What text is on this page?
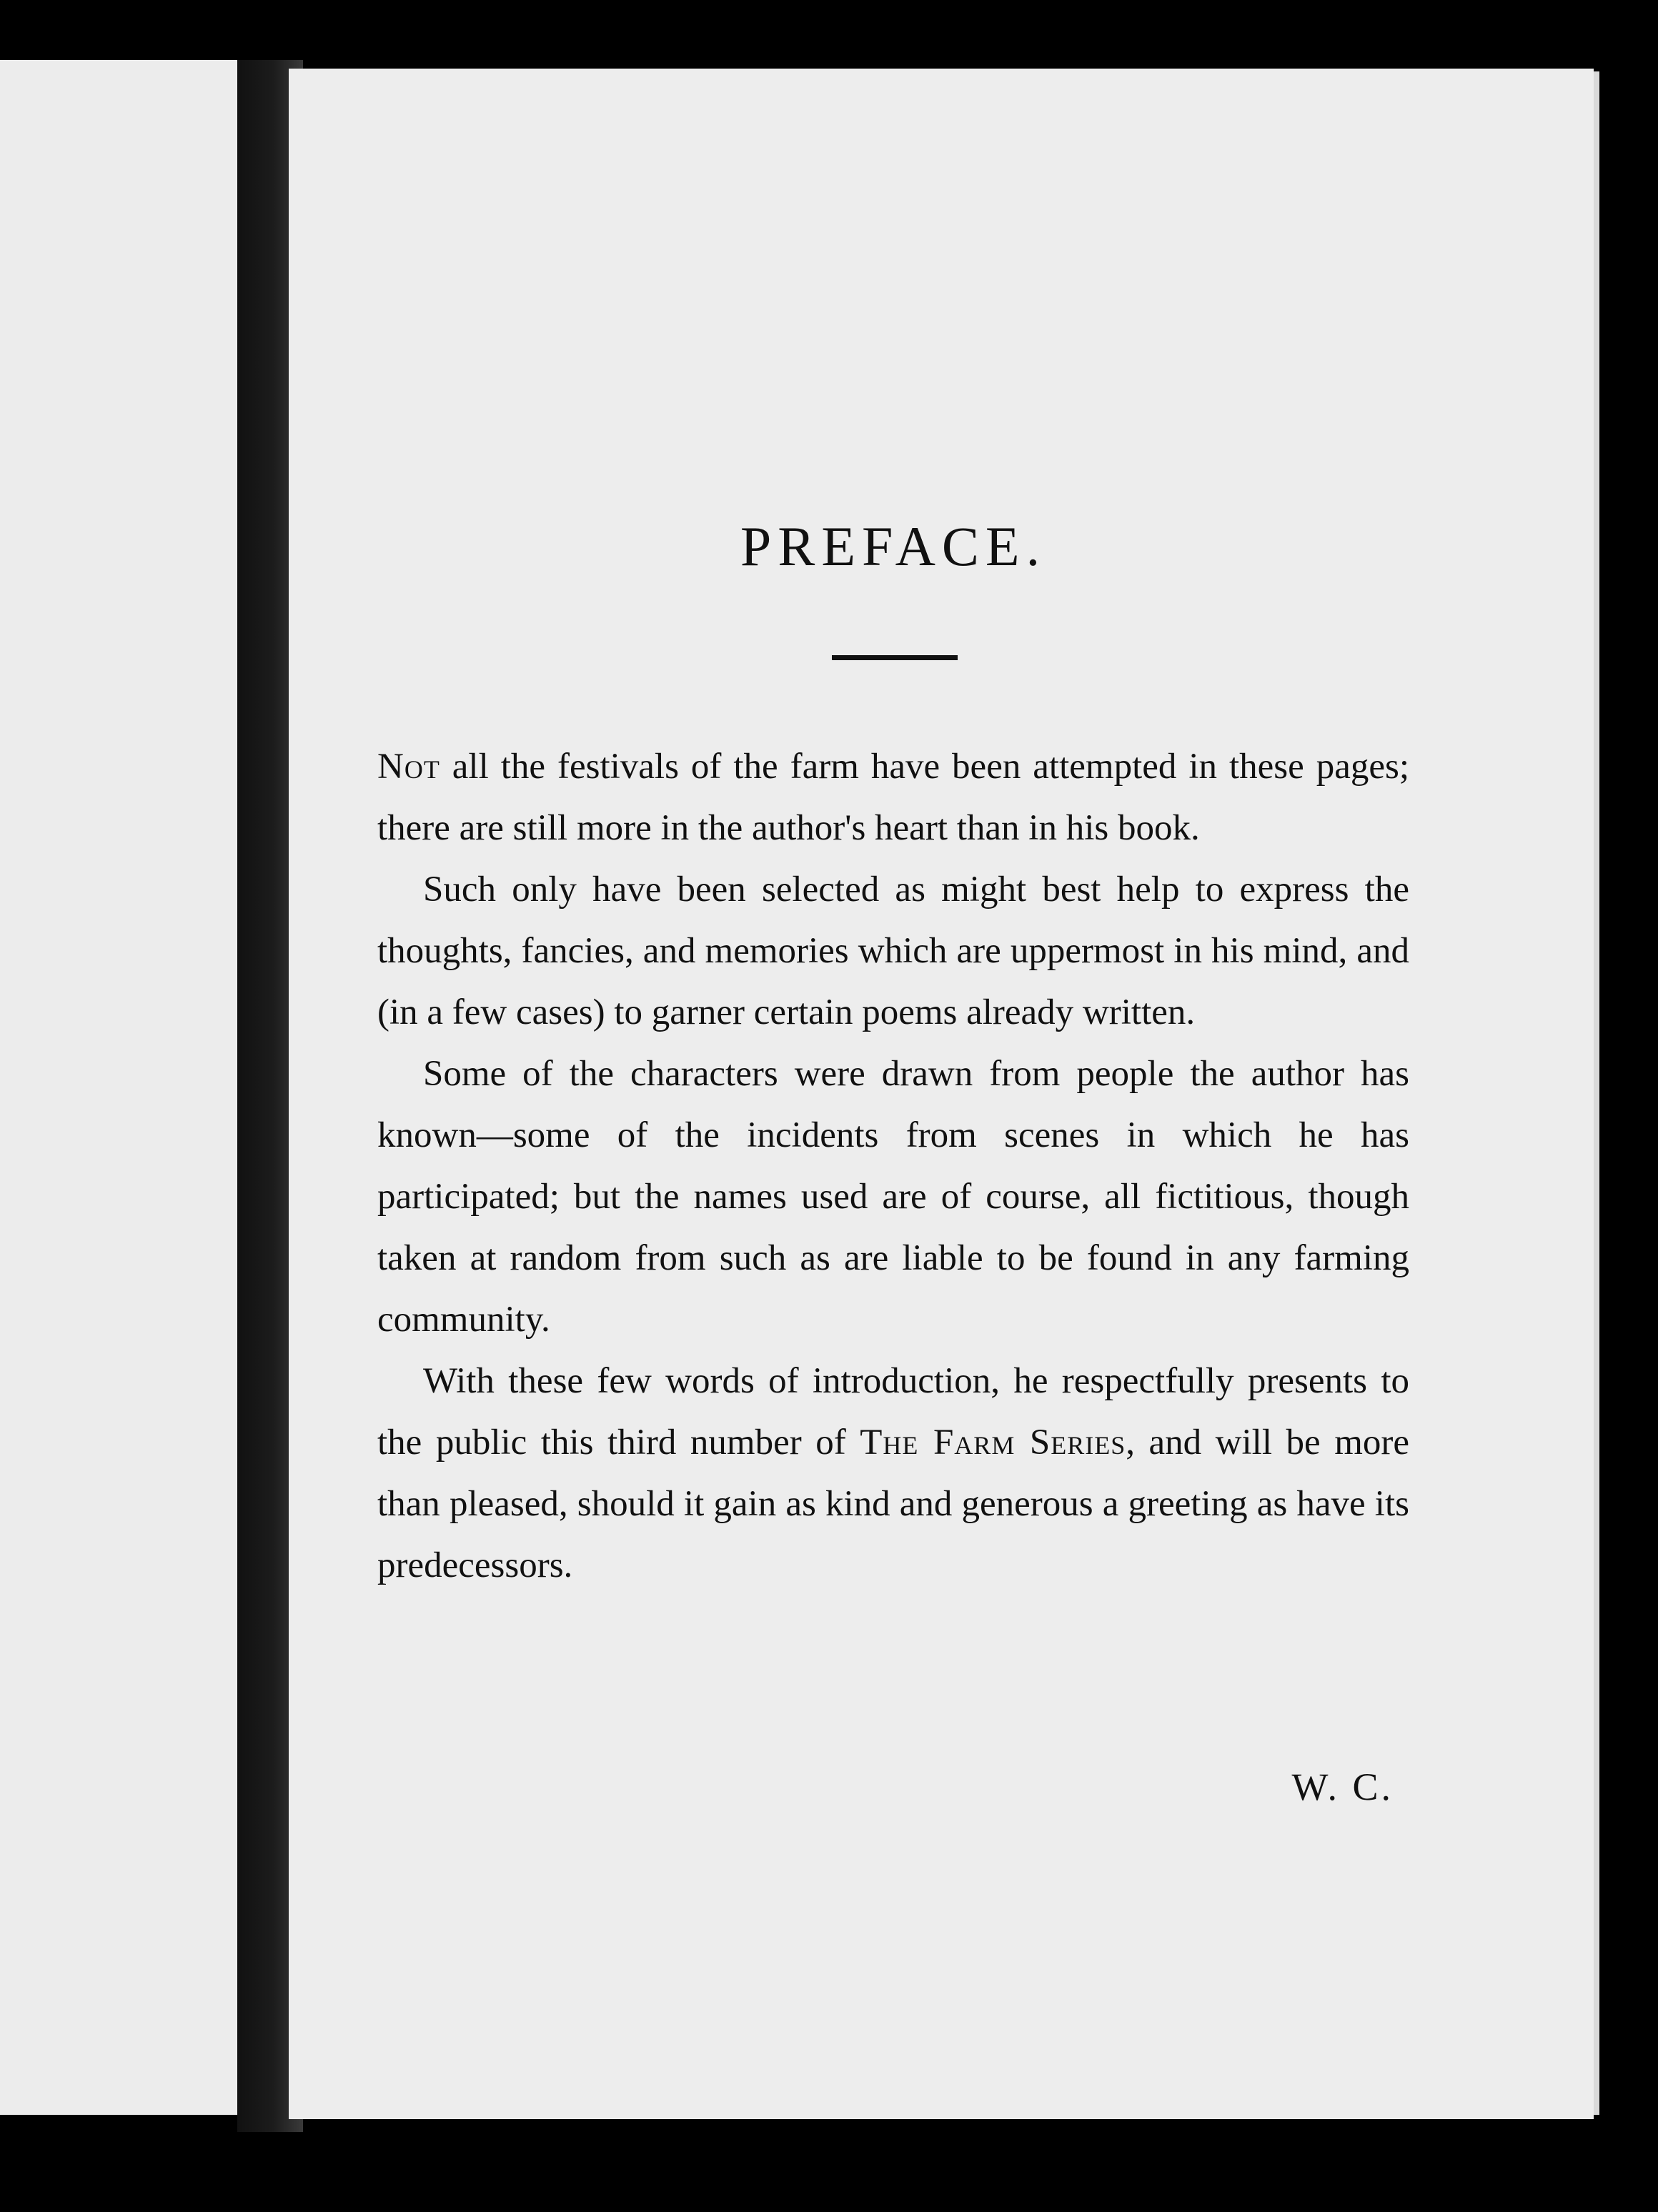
PREFACE.

Not all the festivals of the farm have been attempted in these pages; there are still more in the author's heart than in his book.

Such only have been selected as might best help to express the thoughts, fancies, and memories which are uppermost in his mind, and (in a few cases) to garner certain poems already written.

Some of the characters were drawn from people the author has known—some of the incidents from scenes in which he has participated; but the names used are of course, all fictitious, though taken at random from such as are liable to be found in any farming community.

With these few words of introduction, he respectfully presents to the public this third number of The Farm Series, and will be more than pleased, should it gain as kind and generous a greeting as have its predecessors.

W. C.
